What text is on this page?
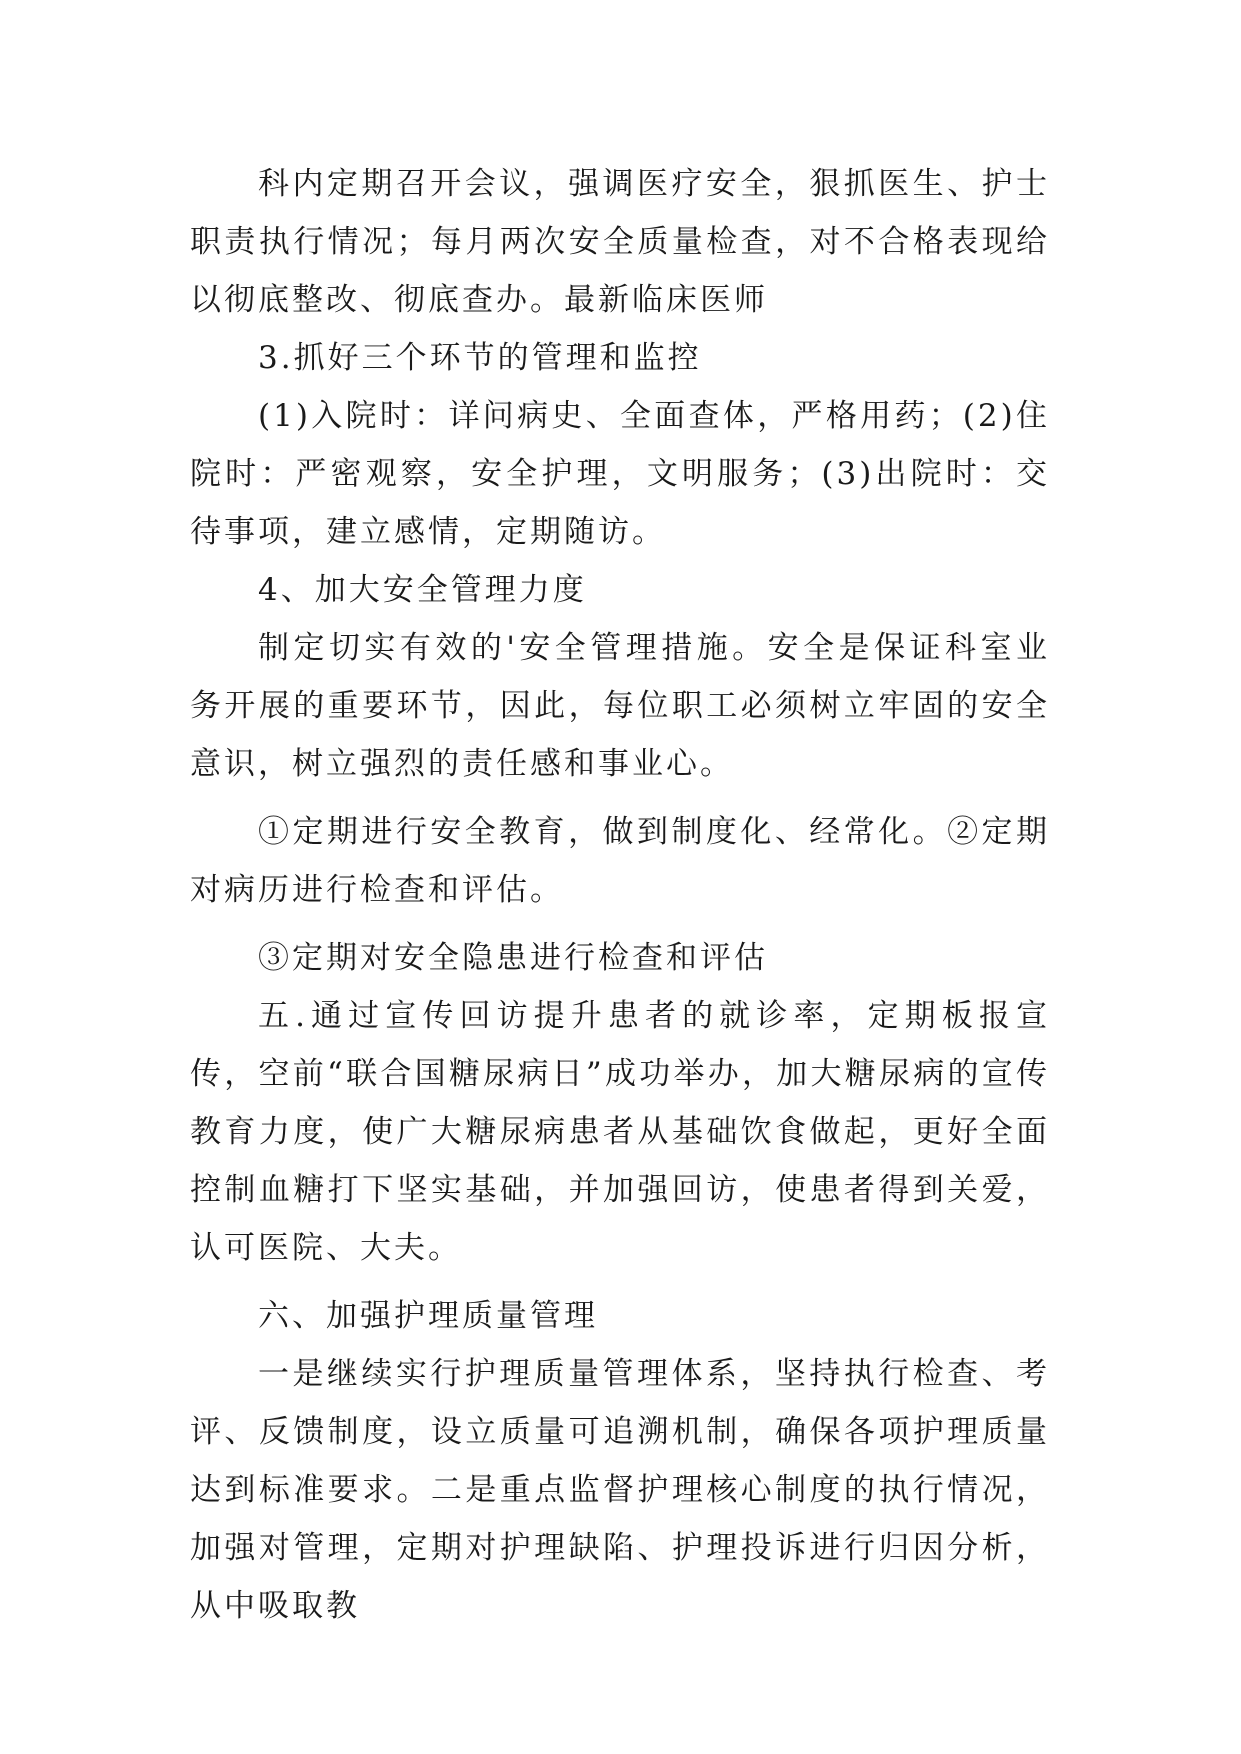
科内定期召开会议，强调医疗安全，狠抓医生、护士职责执行情况；每月两次安全质量检查，对不合格表现给以彻底整改、彻底查办。最新临床医师

3.抓好三个环节的管理和监控

(1)入院时：详问病史、全面查体，严格用药；(2)住院时：严密观察，安全护理，文明服务；(3)出院时：交待事项，建立感情，定期随访。

4、加大安全管理力度

制定切实有效的'安全管理措施。安全是保证科室业务开展的重要环节，因此，每位职工必须树立牢固的安全意识，树立强烈的责任感和事业心。

①定期进行安全教育，做到制度化、经常化。②定期对病历进行检查和评估。

③定期对安全隐患进行检查和评估

五.通过宣传回访提升患者的就诊率，定期板报宣传，空前“联合国糖尿病日”成功举办，加大糖尿病的宣传教育力度，使广大糖尿病患者从基础饮食做起，更好全面控制血糖打下坚实基础，并加强回访，使患者得到关爱，认可医院、大夫。

六、加强护理质量管理

一是继续实行护理质量管理体系，坚持执行检查、考评、反馈制度，设立质量可追溯机制，确保各项护理质量达到标准要求。二是重点监督护理核心制度的执行情况，加强对管理，定期对护理缺陷、护理投诉进行归因分析，从中吸取教
